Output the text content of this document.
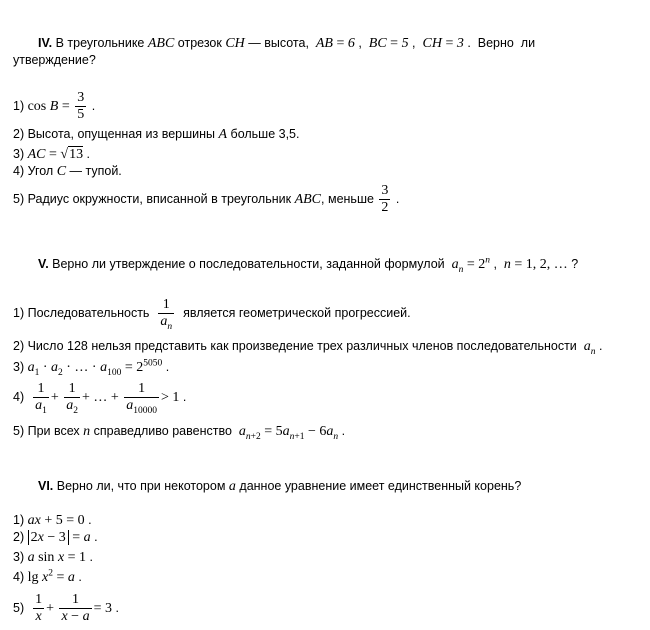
IV. В треугольнике ABC отрезок CH — высота,  AB = 6 ,  BC = 5 ,  CH = 3 .  Верно  ли
утверждение?
1) $\cos B = \frac{3}{5}$ .
2) Высота, опущенная из вершины A больше 3,5.
3) AC = √13 .
4) Угол C — тупой.
5) Радиус окружности, вписанной в треугольник ABC, меньше $\frac{3}{2}$ .
V. Верно ли утверждение о последовательности, заданной формулой  $a_n = 2^n$ ,  n = 1, 2, … ?
1) Последовательность $\frac{1}{a_n}$ является геометрической прогрессией.
2) Число 128 нельзя представить как произведение трех различных членов последовательности  $a_n$ .
3) $a_1 \cdot a_2$ · … · $a_{100} = 2^{5050}$ .
$4) \frac{1}{a_1} + \frac{1}{a_2}$ + … + $\frac{1}{a_{10000}} > 1$ .
5) При всех n справедливо равенство  $a_{n+2} = 5a_{n+1} - 6a_n$ .
VI. Верно ли, что при некотором a данное уравнение имеет единственный корень?
1) ax + 5 = 0 .
2) 2x − 3 = a .
3) a sin x = 1 .
4) $\lg x^2 = a$ .
$5) \frac{1}{x} + \frac{1}{x - a} = 3$ .
